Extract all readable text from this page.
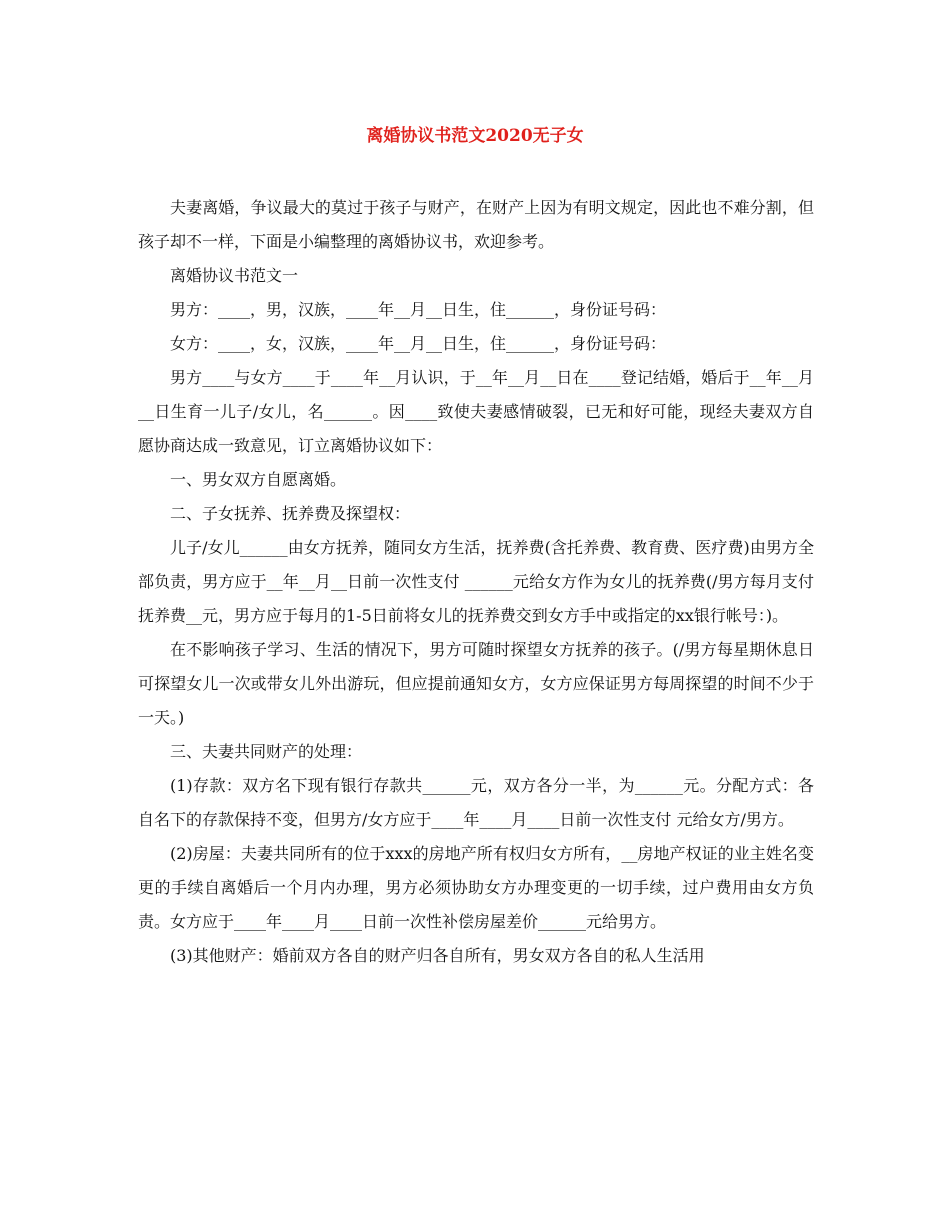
离婚协议书范文2020无子女

夫妻离婚，争议最大的莫过于孩子与财产，在财产上因为有明文规定，因此也不难分割，但孩子却不一样，下面是小编整理的离婚协议书，欢迎参考。

离婚协议书范文一

男方：____，男，汉族，____年__月__日生，住______，身份证号码：

女方：____，女，汉族，____年__月__日生，住______，身份证号码：

男方____与女方____于____年__月认识，于__年__月__日在____登记结婚，婚后于__年__月__日生育一儿子/女儿，名______。因____致使夫妻感情破裂，已无和好可能，现经夫妻双方自愿协商达成一致意见，订立离婚协议如下：

一、男女双方自愿离婚。

二、子女抚养、抚养费及探望权：

儿子/女儿______由女方抚养，随同女方生活，抚养费(含托养费、教育费、医疗费)由男方全部负责，男方应于__年__月__日前一次性支付 ______元给女方作为女儿的抚养费(/男方每月支付抚养费__元，男方应于每月的1-5日前将女儿的抚养费交到女方手中或指定的xx银行帐号：)。

在不影响孩子学习、生活的情况下，男方可随时探望女方抚养的孩子。(/男方每星期休息日可探望女儿一次或带女儿外出游玩，但应提前通知女方，女方应保证男方每周探望的时间不少于一天。)

三、夫妻共同财产的处理：

(1)存款：双方名下现有银行存款共______元，双方各分一半，为______元。分配方式：各自名下的存款保持不变，但男方/女方应于____年____月____日前一次性支付 元给女方/男方。

(2)房屋：夫妻共同所有的位于xxx的房地产所有权归女方所有，__房地产权证的业主姓名变更的手续自离婚后一个月内办理，男方必须协助女方办理变更的一切手续，过户费用由女方负责。女方应于____年____月____日前一次性补偿房屋差价______元给男方。

(3)其他财产：婚前双方各自的财产归各自所有，男女双方各自的私人生活用
